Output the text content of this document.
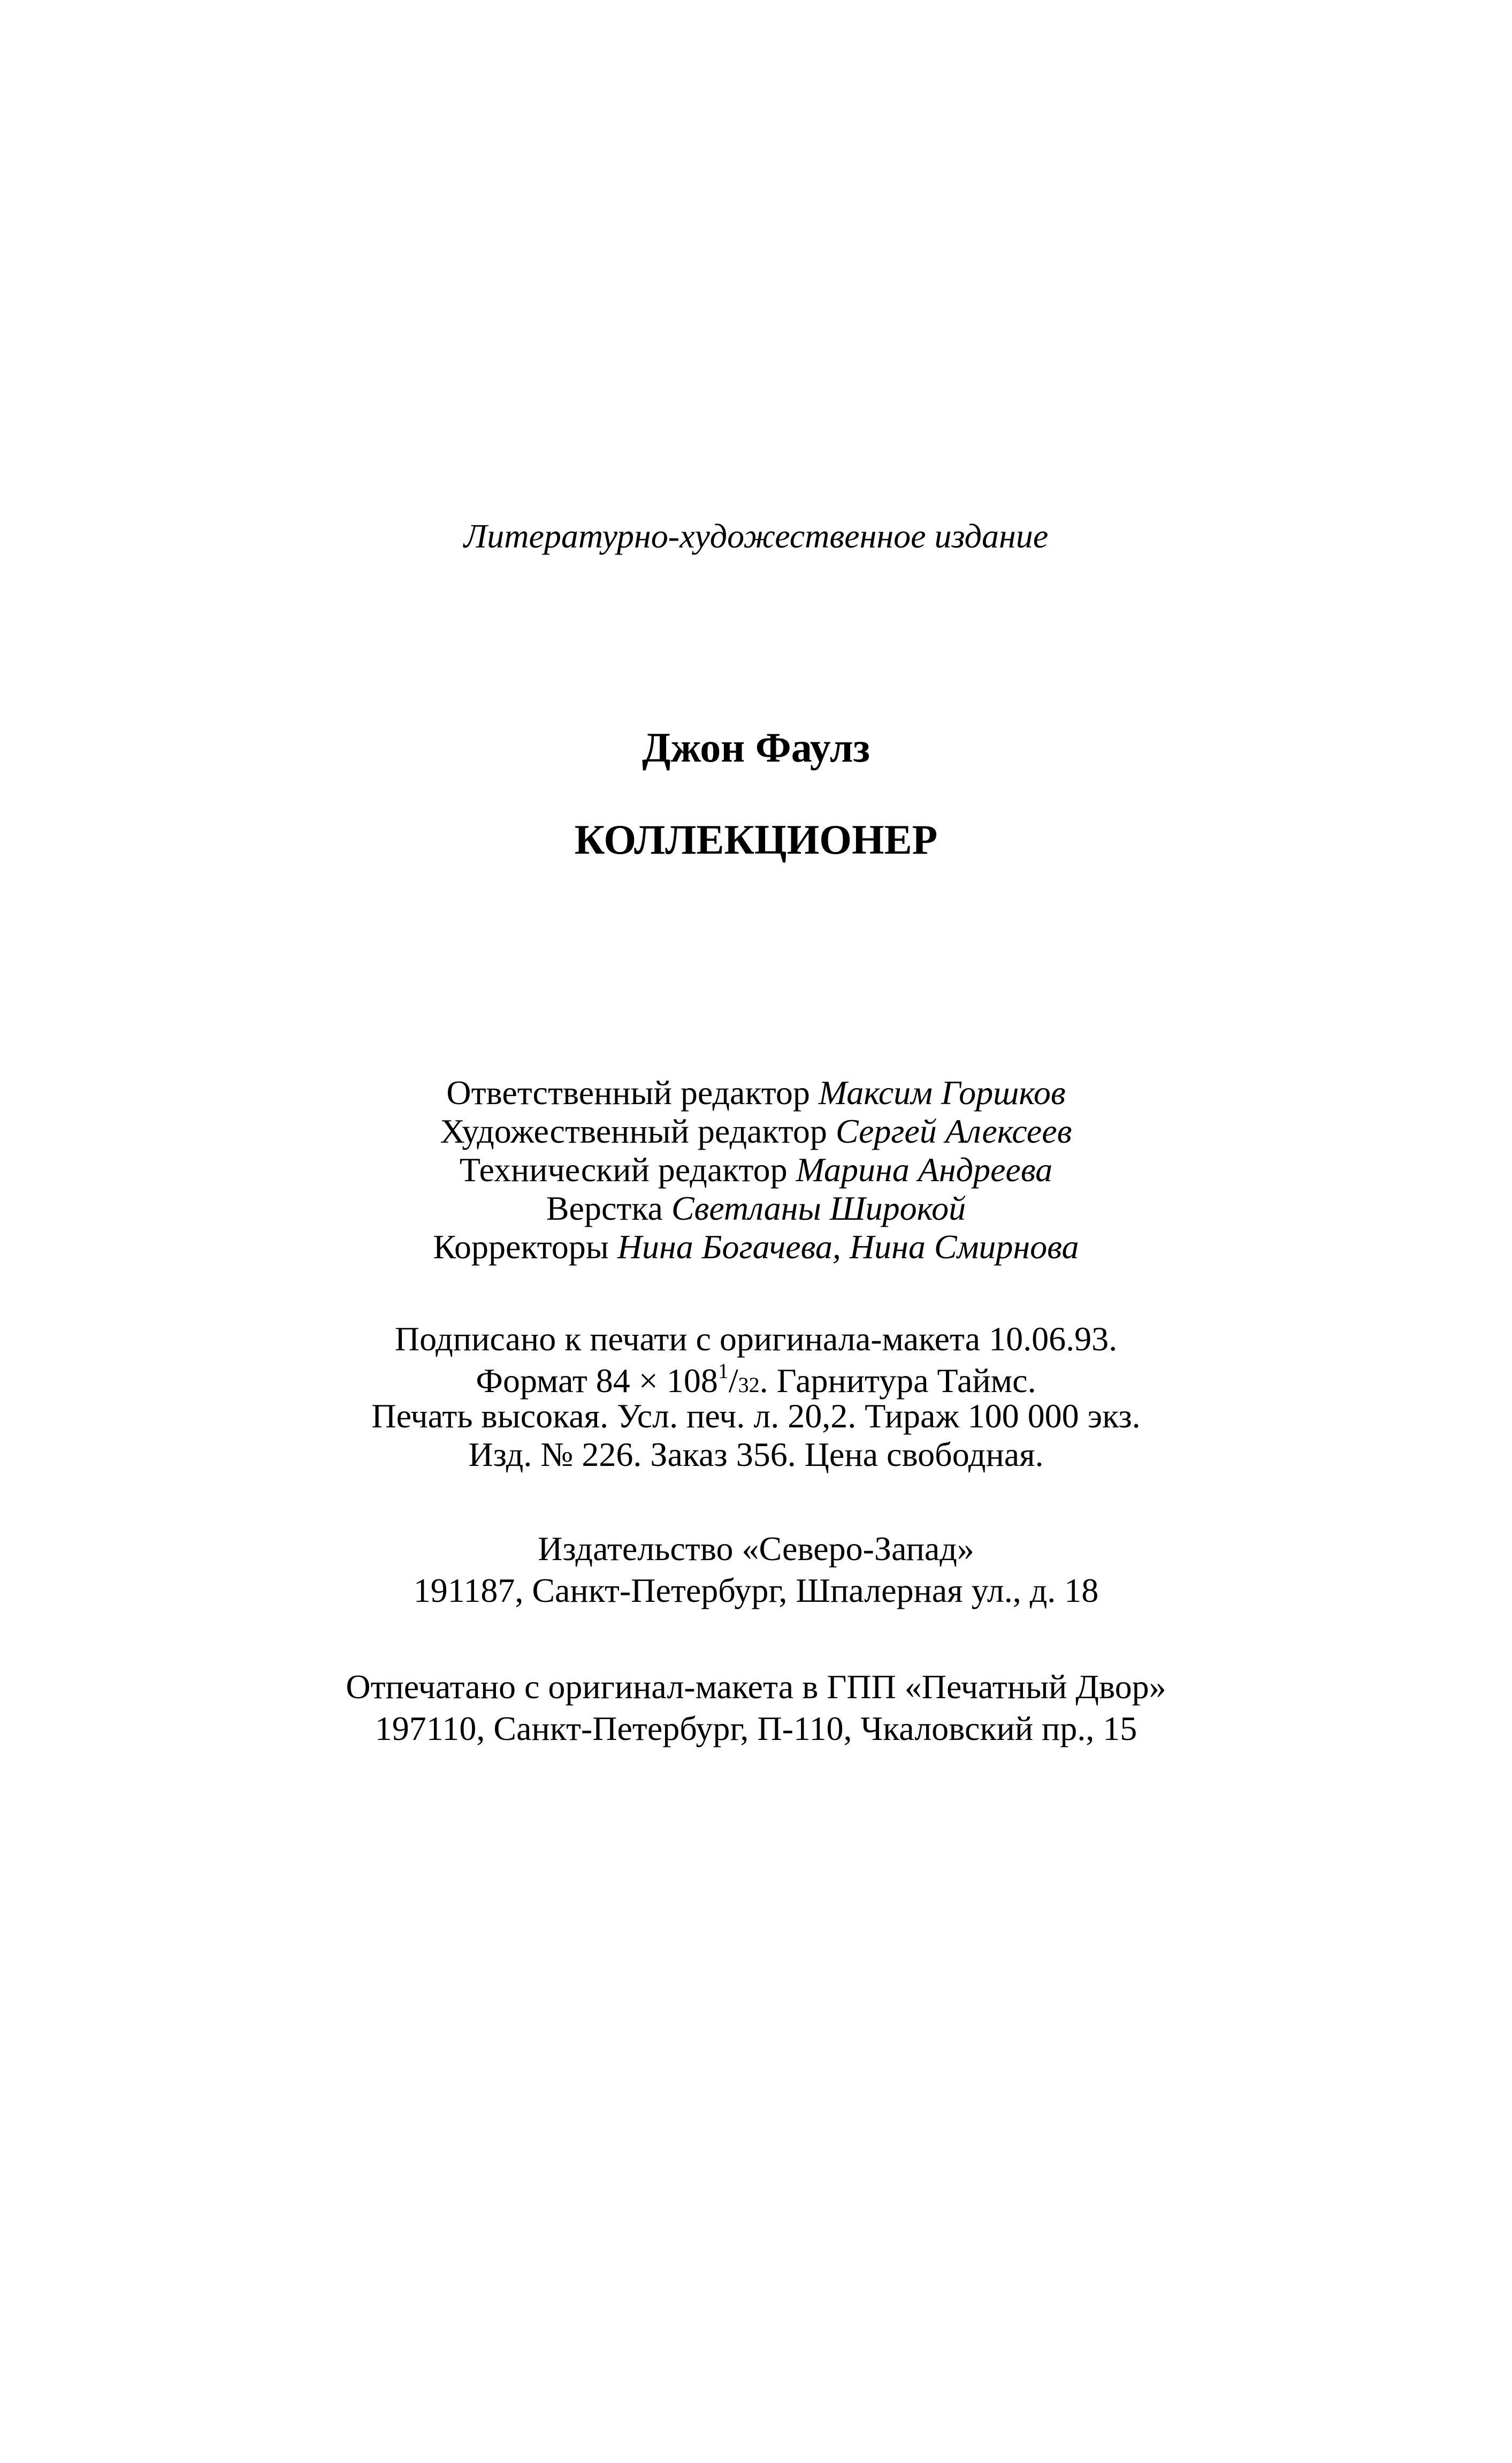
Литературно-художественное издание
Джон Фаулз
КОЛЛЕКЦИОНЕР
Ответственный редактор Максим Горшков
Художественный редактор Сергей Алексеев
Технический редактор Марина Андреева
Верстка Светланы Широкой
Корректоры Нина Богачева, Нина Смирнова
Подписано к печати с оригинала-макета 10.06.93.
Формат $84 \times 108^1/32$. Гарнитура Таймс.
Печать высокая. Усл. печ. л. 20,2. Тираж 100 000 экз.
Изд. № 226. Заказ 356. Цена свободная.
Издательство «Северо-Запад»
191187, Санкт-Петербург, Шпалерная ул., д. 18
Отпечатано с оригинал-макета в ГПП «Печатный Двор»
197110, Санкт-Петербург, П-110, Чкаловский пр., 15
